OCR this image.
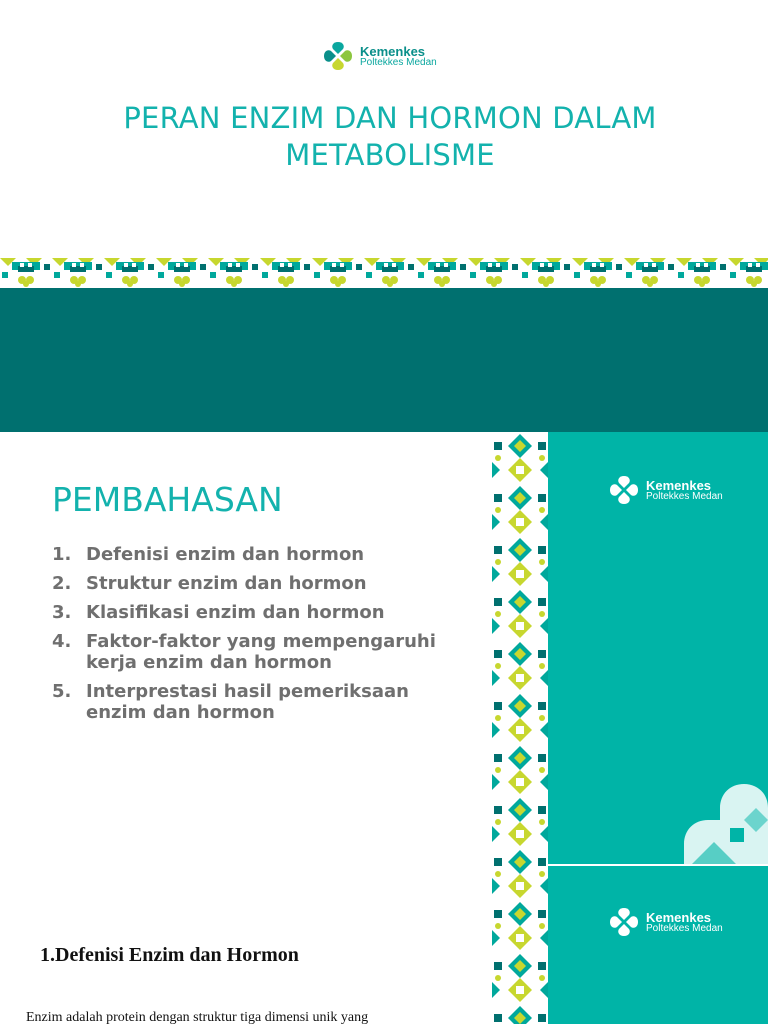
Kemenkes
Poltekkes Medan
PERAN ENZIM DAN HORMON DALAM METABOLISME
PEMBAHASAN
1. Defenisi enzim dan hormon
2. Struktur enzim dan hormon
3. Klasifikasi enzim dan hormon
4. Faktor-faktor yang mempengaruhi kerja enzim dan hormon
5. Interprestasi hasil pemeriksaan enzim dan hormon
Kemenkes
Poltekkes Medan
Kemenkes
Poltekkes Medan
1.Defenisi Enzim dan Hormon
Enzim adalah protein dengan struktur tiga dimensi unik yang
